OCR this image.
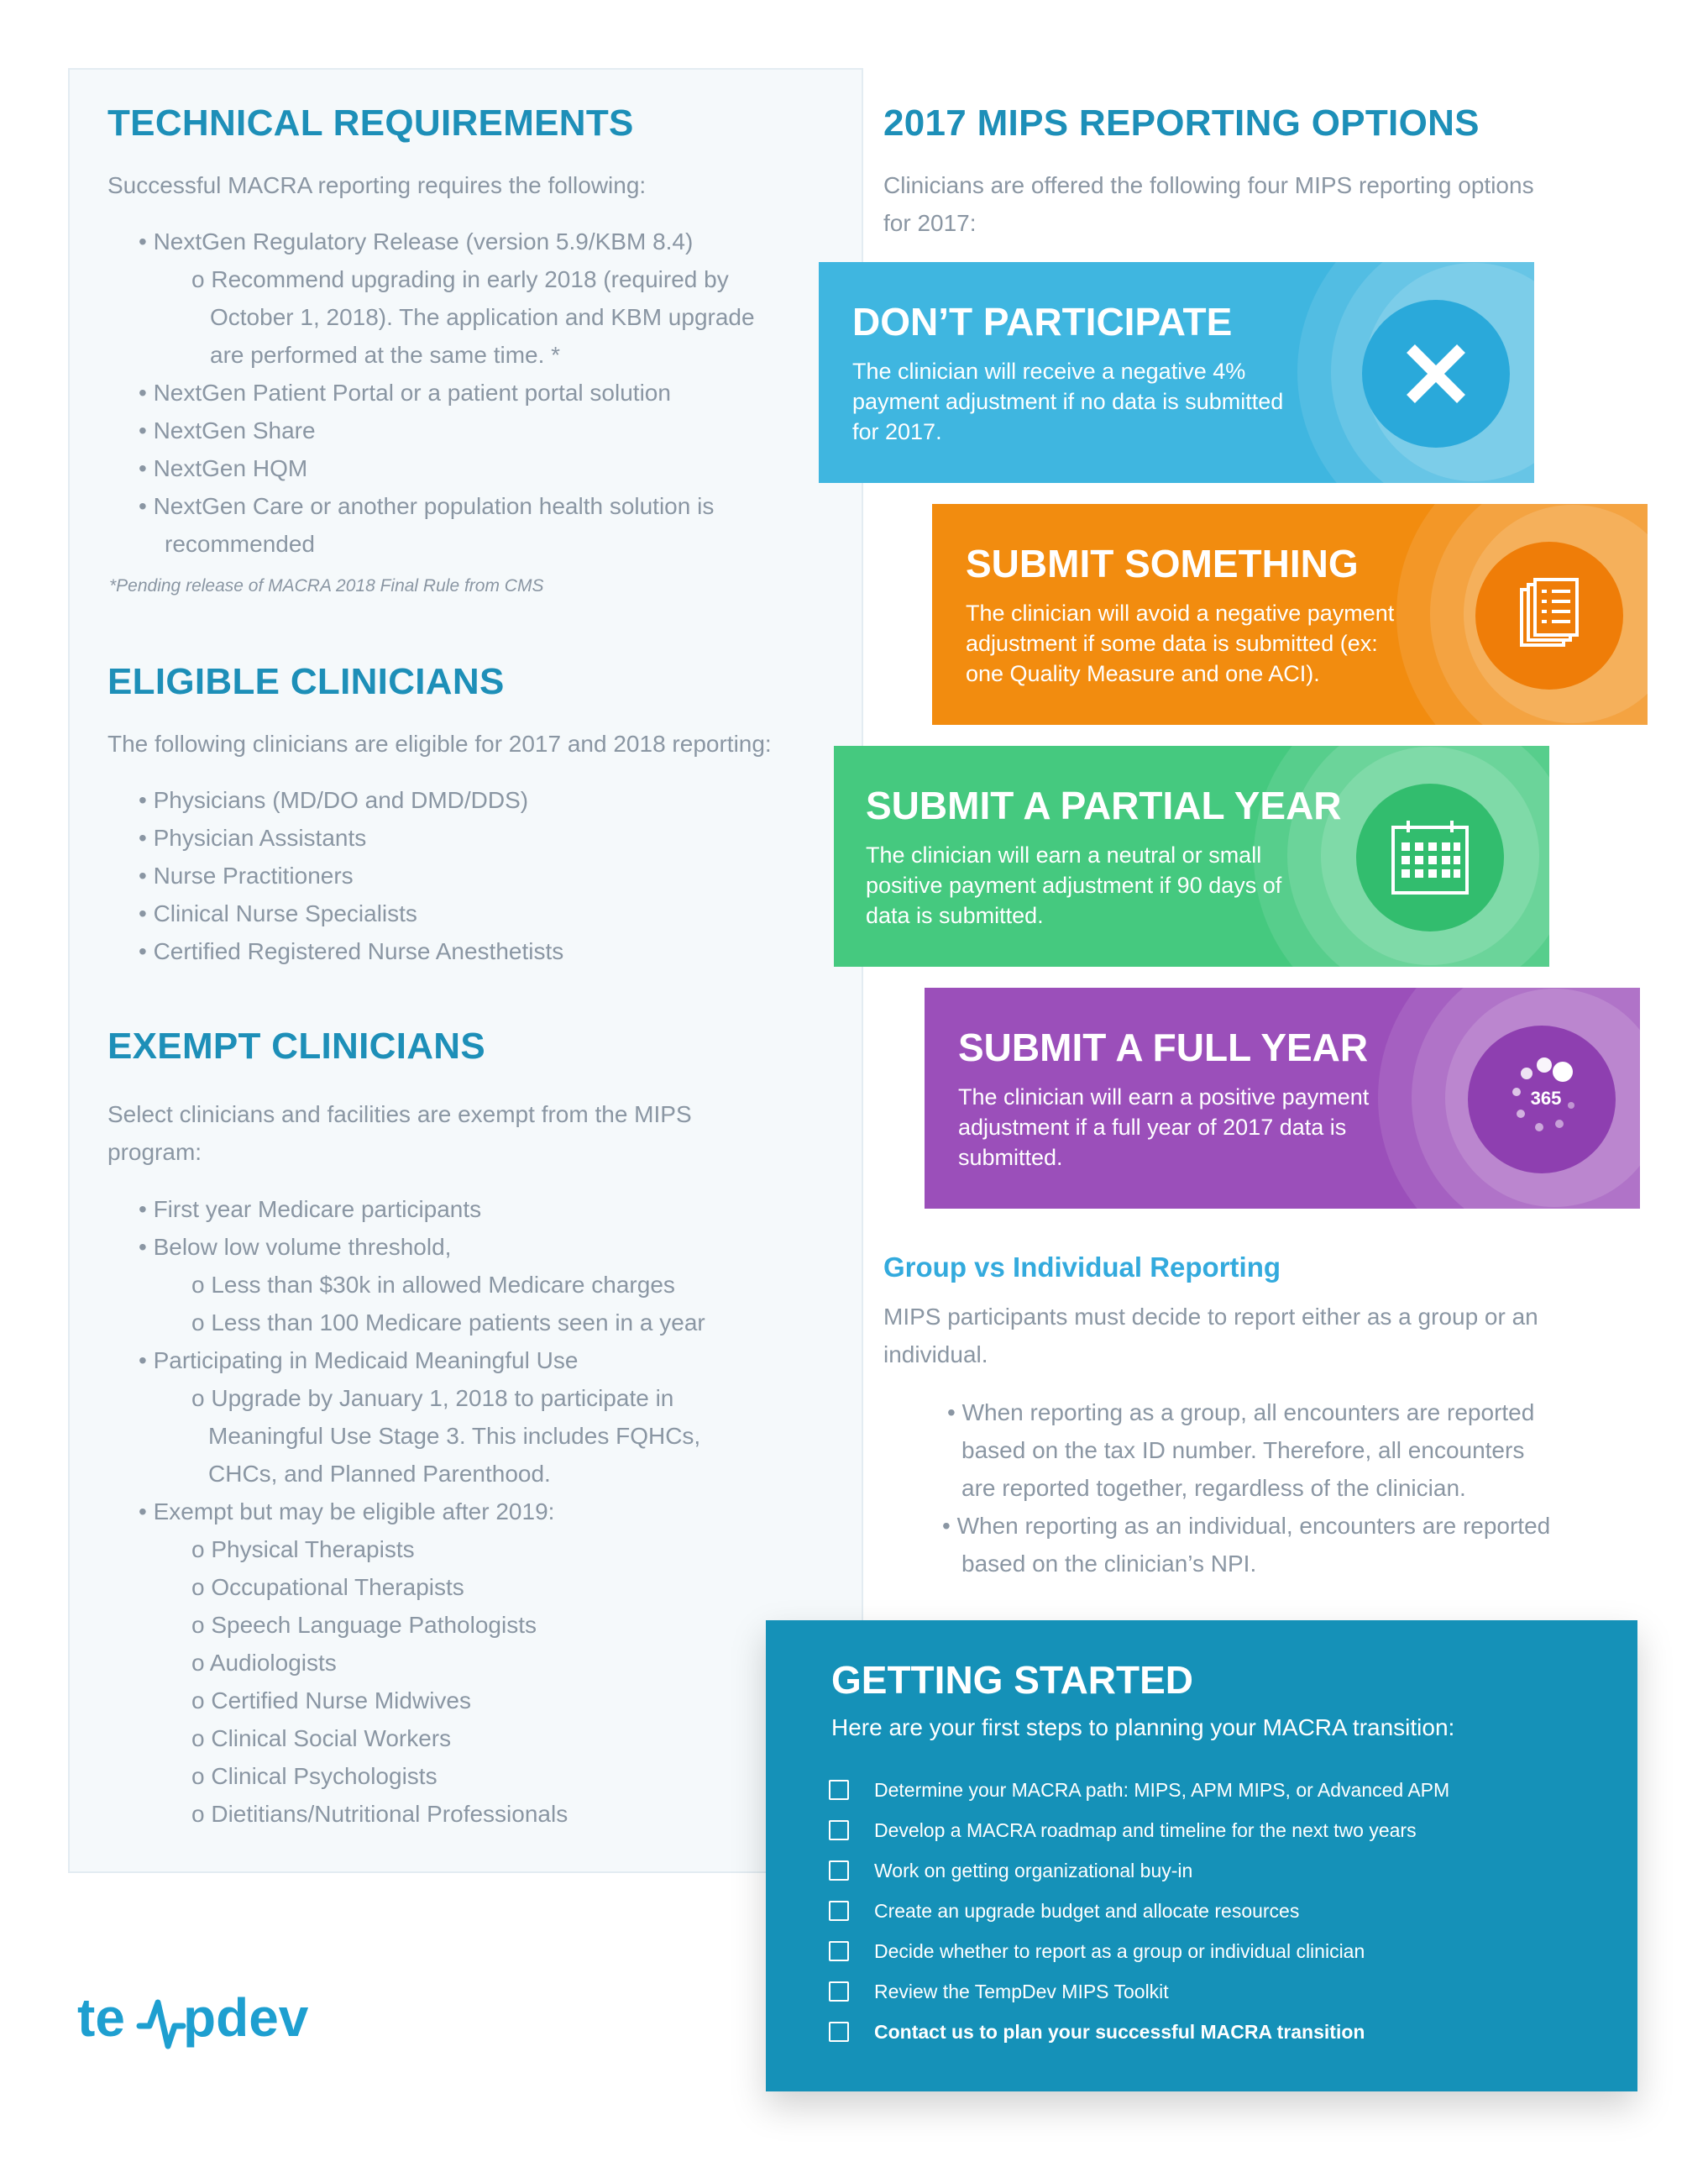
TECHNICAL REQUIREMENTS
Successful MACRA reporting requires the following:
• NextGen Regulatory Release (version 5.9/KBM 8.4)
o Recommend upgrading in early 2018 (required by
October 1, 2018). The application and KBM upgrade
are performed at the same time. *
• NextGen Patient Portal or a patient portal solution
• NextGen Share
• NextGen HQM
• NextGen Care or another population health solution is
recommended
*Pending release of MACRA 2018 Final Rule from CMS
ELIGIBLE CLINICIANS
The following clinicians are eligible for 2017 and 2018 reporting:
• Physicians (MD/DO and DMD/DDS)
• Physician Assistants
• Nurse Practitioners
• Clinical Nurse Specialists
• Certified Registered Nurse Anesthetists
EXEMPT CLINICIANS
Select clinicians and facilities are exempt from the MIPS
program:
• First year Medicare participants
• Below low volume threshold,
o Less than $30k in allowed Medicare charges
o Less than 100 Medicare patients seen in a year
• Participating in Medicaid Meaningful Use
o Upgrade by January 1, 2018 to participate in
Meaningful Use Stage 3. This includes FQHCs,
CHCs, and Planned Parenthood.
• Exempt but may be eligible after 2019:
o Physical Therapists
o Occupational Therapists
o Speech Language Pathologists
o Audiologists
o Certified Nurse Midwives
o Clinical Social Workers
o Clinical Psychologists
o Dietitians/Nutritional Professionals
2017 MIPS REPORTING OPTIONS
Clinicians are offered the following four MIPS reporting options
for 2017:
DON’T PARTICIPATE
The clinician will receive a negative 4%
payment adjustment if no data is submitted
for 2017.
SUBMIT SOMETHING
The clinician will avoid a negative payment
adjustment if some data is submitted (ex:
one Quality Measure and one ACI).
SUBMIT A PARTIAL YEAR
The clinician will earn a neutral or small
positive payment adjustment if 90 days of
data is submitted.
365
SUBMIT A FULL YEAR
The clinician will earn a positive payment
adjustment if a full year of 2017 data is
submitted.
Group vs Individual Reporting
MIPS participants must decide to report either as a group or an
individual.
• When reporting as a group, all encounters are reported
based on the tax ID number. Therefore, all encounters
are reported together, regardless of the clinician.
• When reporting as an individual, encounters are reported
based on the clinician’s NPI.
GETTING STARTED
Here are your first steps to planning your MACRA transition:
Determine your MACRA path: MIPS, APM MIPS, or Advanced APM
Develop a MACRA roadmap and timeline for the next two years
Work on getting organizational buy-in
Create an upgrade budget and allocate resources
Decide whether to report as a group or individual clinician
Review the TempDev MIPS Toolkit
Contact us to plan your successful MACRA transition
te pdev
